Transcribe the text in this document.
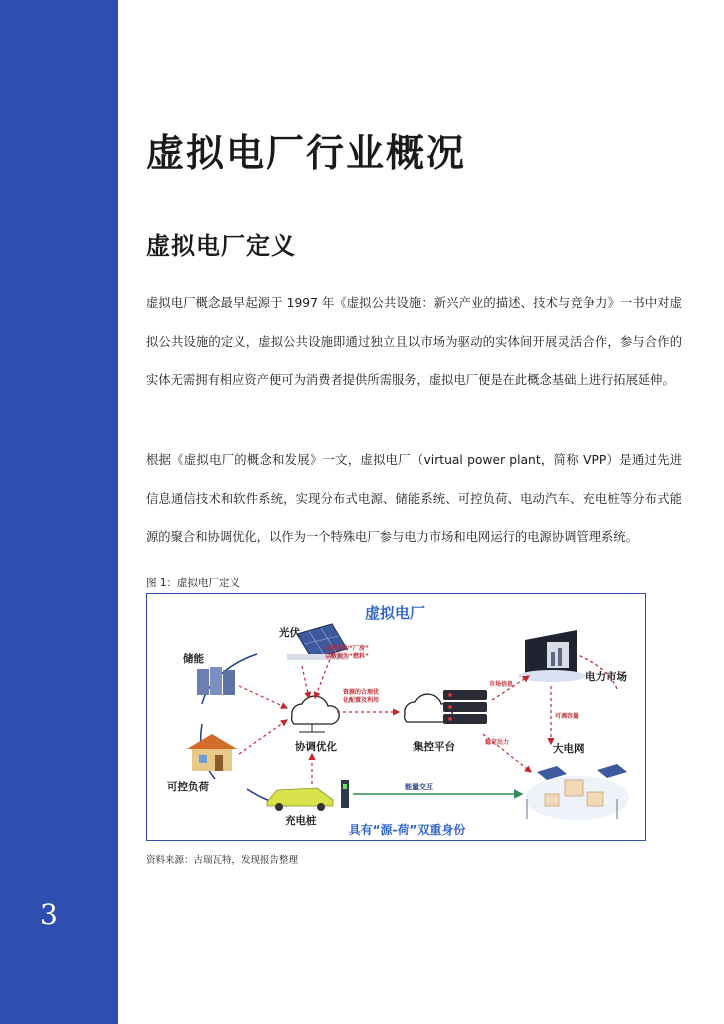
3
虚拟电厂行业概况
虚拟电厂定义

虚拟电厂概念最早起源于 1997 年《虚拟公共设施：新兴产业的描述、技术与竞争力》一书中对虚拟公共设施的定义，虚拟公共设施即通过独立且以市场为驱动的实体间开展灵活合作，参与合作的实体无需拥有相应资产便可为消费者提供所需服务，虚拟电厂便是在此概念基础上进行拓展延伸。

根据《虚拟电厂的概念和发展》一文，虚拟电厂（virtual power plant，简称 VPP）是通过先进信息通信技术和软件系统，实现分布式电源、储能系统、可控负荷、电动汽车、充电桩等分布式能源的聚合和协调优化，以作为一个特殊电厂参与电力市场和电网运行的电源协调管理系统。

图 1：虚拟电厂定义
虚拟电厂
光伏
储能
可控负荷
充电桩
协调优化
互联网为“厂房”
以数据为“燃料”
资源的合理优
化配置及利用
集控平台
电力市场
大电网
市场信息
可调容量
稳定出力
能量交互
具有“源-荷”双重身份
资料来源：古瑞瓦特，发现报告整理
